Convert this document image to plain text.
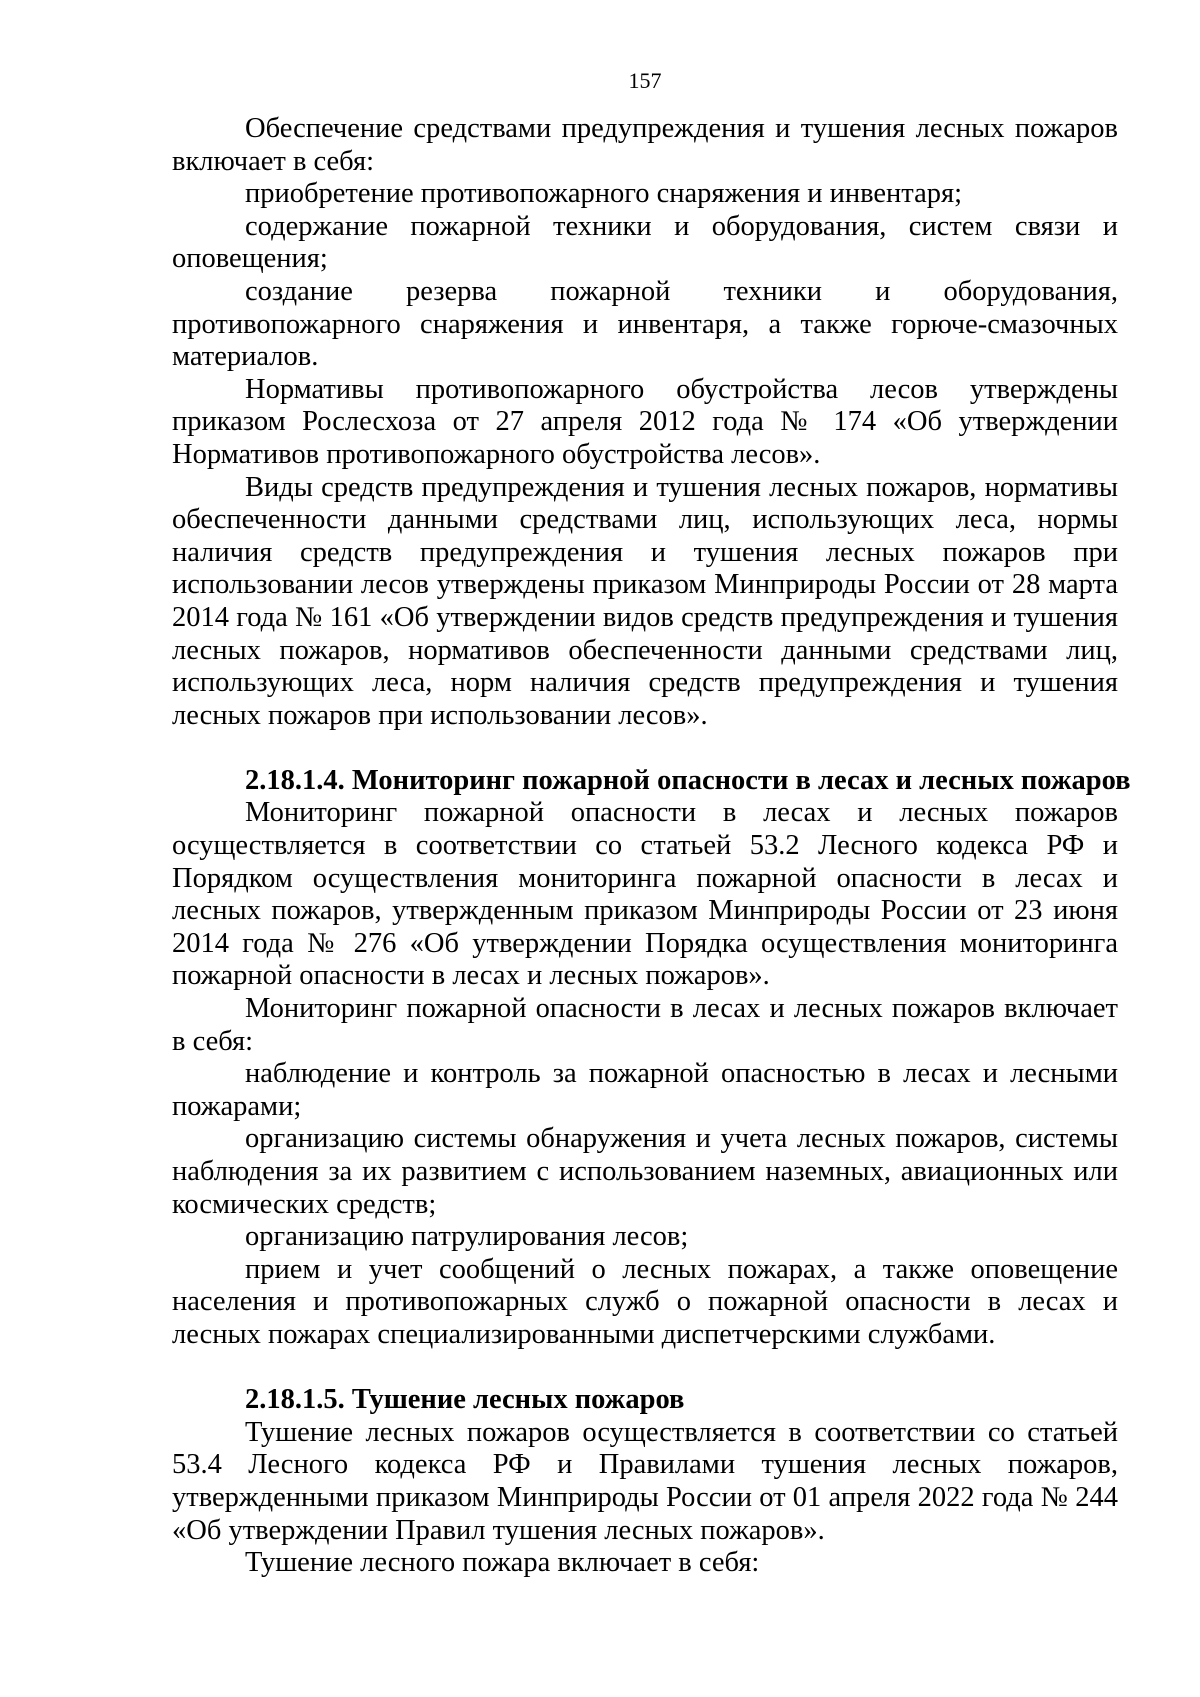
157

Обеспечение средствами предупреждения и тушения лесных пожаров включает в себя:

приобретение противопожарного снаряжения и инвентаря;

содержание пожарной техники и оборудования, систем связи и оповещения;

создание резерва пожарной техники и оборудования, противопожарного снаряжения и инвентаря, а также горюче-смазочных материалов.

Нормативы противопожарного обустройства лесов утверждены приказом Рослесхоза от 27 апреля 2012 года № 174 «Об утверждении Нормативов противопожарного обустройства лесов».

Виды средств предупреждения и тушения лесных пожаров, нормативы обеспеченности данными средствами лиц, использующих леса, нормы наличия средств предупреждения и тушения лесных пожаров при использовании лесов утверждены приказом Минприроды России от 28 марта 2014 года № 161 «Об утверждении видов средств предупреждения и тушения лесных пожаров, нормативов обеспеченности данными средствами лиц, использующих леса, норм наличия средств предупреждения и тушения лесных пожаров при использовании лесов».

2.18.1.4. Мониторинг пожарной опасности в лесах и лесных пожаров

Мониторинг пожарной опасности в лесах и лесных пожаров осуществляется в соответствии со статьей 53.2 Лесного кодекса РФ и Порядком осуществления мониторинга пожарной опасности в лесах и лесных пожаров, утвержденным приказом Минприроды России от 23 июня 2014 года № 276 «Об утверждении Порядка осуществления мониторинга пожарной опасности в лесах и лесных пожаров».

Мониторинг пожарной опасности в лесах и лесных пожаров включает в себя:

наблюдение и контроль за пожарной опасностью в лесах и лесными пожарами;

организацию системы обнаружения и учета лесных пожаров, системы наблюдения за их развитием с использованием наземных, авиационных или космических средств;

организацию патрулирования лесов;

прием и учет сообщений о лесных пожарах, а также оповещение населения и противопожарных служб о пожарной опасности в лесах и лесных пожарах специализированными диспетчерскими службами.

2.18.1.5. Тушение лесных пожаров

Тушение лесных пожаров осуществляется в соответствии со статьей 53.4 Лесного кодекса РФ и Правилами тушения лесных пожаров, утвержденными приказом Минприроды России от 01 апреля 2022 года № 244 «Об утверждении Правил тушения лесных пожаров».

Тушение лесного пожара включает в себя:
